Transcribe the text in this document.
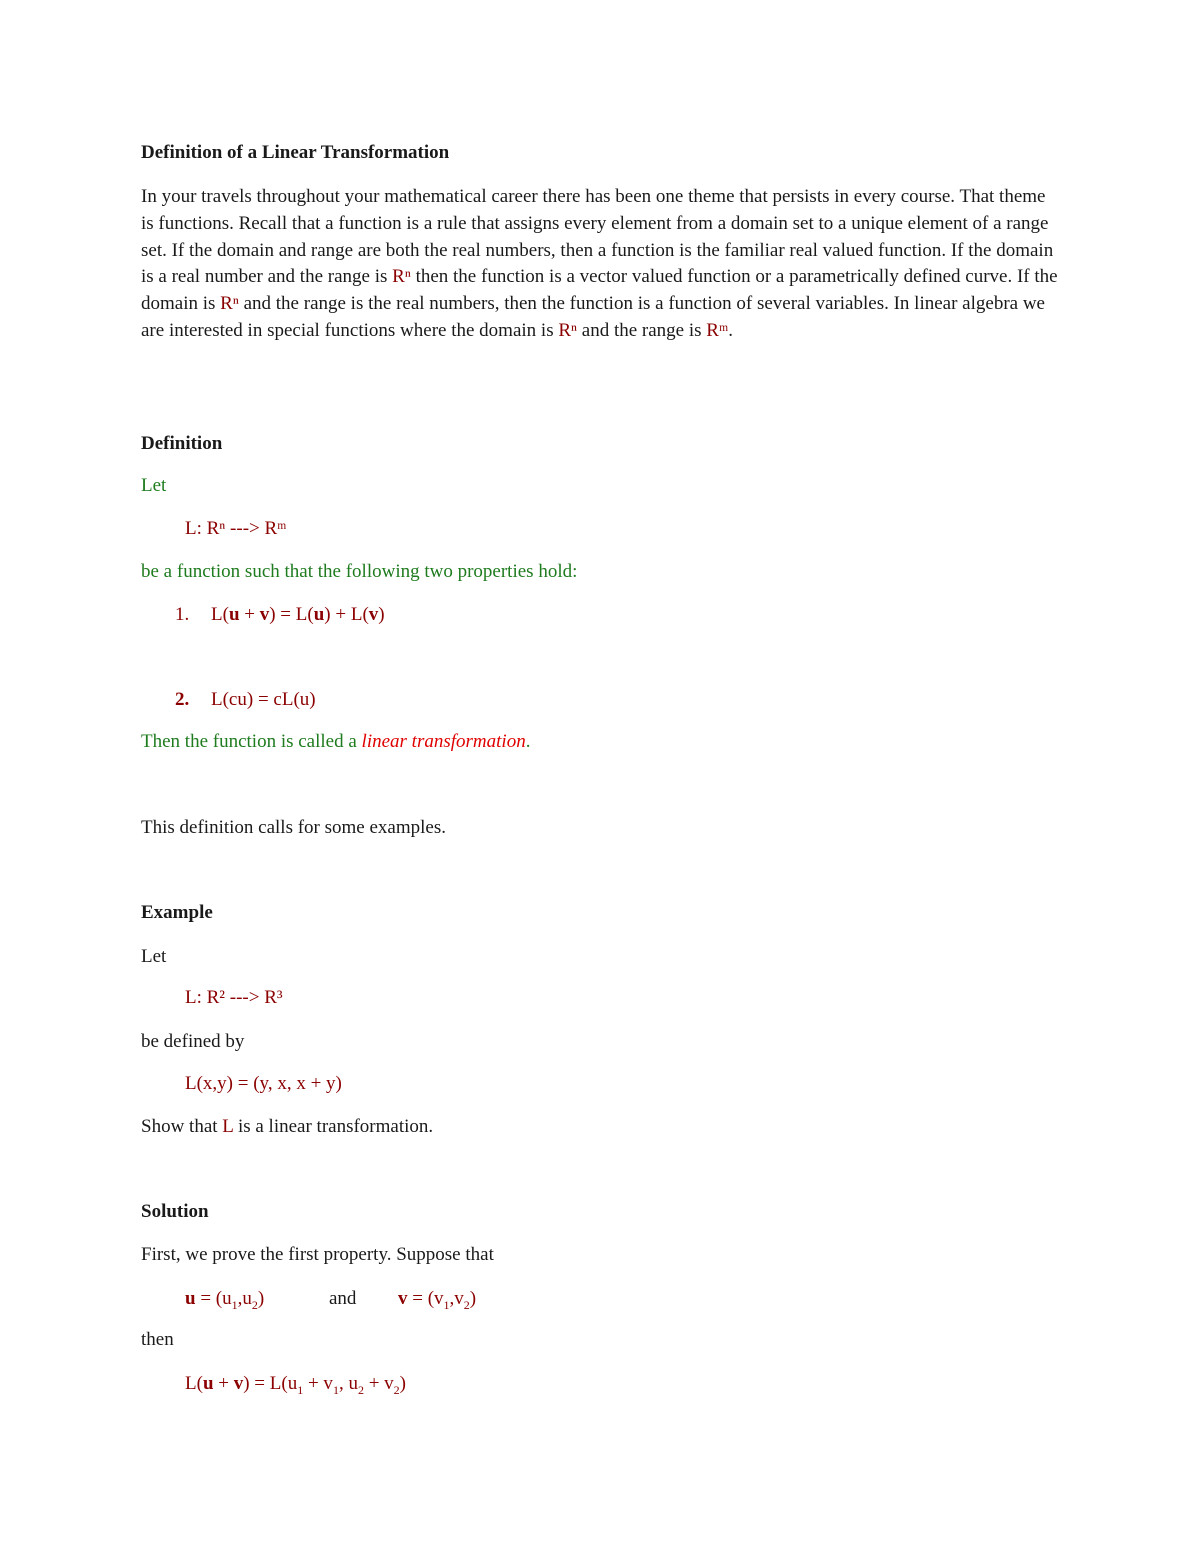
Definition of a Linear Transformation

In your travels throughout your mathematical career there has been one theme that persists in every course. That theme is functions. Recall that a function is a rule that assigns every element from a domain set to a unique element of a range set. If the domain and range are both the real numbers, then a function is the familiar real valued function. If the domain is a real number and the range is Rⁿ then the function is a vector valued function or a parametrically defined curve. If the domain is Rⁿ and the range is the real numbers, then the function is a function of several variables. In linear algebra we are interested in special functions where the domain is Rⁿ and the range is Rᵐ.

Definition
Let
L: Rⁿ ---> Rᵐ
be a function such that the following two properties hold:
1. L(u + v) = L(u) + L(v)
2. L(cu) = cL(u)
Then the function is called a linear transformation.
This definition calls for some examples.
Example
Let
L: R² ---> R³
be defined by
L(x,y) = (y, x, x + y)
Show that L is a linear transformation.
Solution
First, we prove the first property. Suppose that
$u = (u_1,u_2)$	and $v = (v_1,v_2)$
then
$L(u + v) = L(u_1 + v_1$, $u_2 + v_2$)
